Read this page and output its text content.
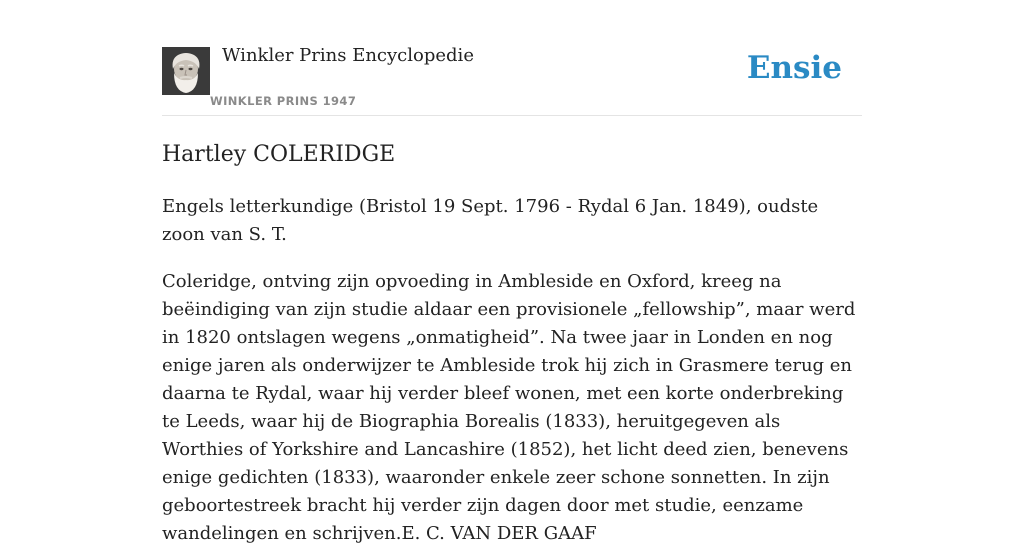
Winkler Prins Encyclopedie
WINKLER PRINS 1947
Ensie
Hartley COLERIDGE

Engels letterkundige (Bristol 19 Sept. 1796 - Rydal 6 Jan. 1849), oudste zoon van S. T.

Coleridge, ontving zijn opvoeding in Ambleside en Oxford, kreeg na beëindiging van zijn studie aldaar een provisionele „fellowship”, maar werd in 1820 ontslagen wegens „onmatigheid”. Na twee jaar in Londen en nog enige jaren als onderwijzer te Ambleside trok hij zich in Grasmere terug en daarna te Rydal, waar hij verder bleef wonen, met een korte onderbreking te Leeds, waar hij de Biographia Borealis (1833), heruitgegeven als Worthies of Yorkshire and Lancashire (1852), het licht deed zien, benevens enige gedichten (1833), waaronder enkele zeer schone sonnetten. In zijn geboortestreek bracht hij verder zijn dagen door met studie, eenzame wandelingen en schrijven.E. C. VAN DER GAAF
